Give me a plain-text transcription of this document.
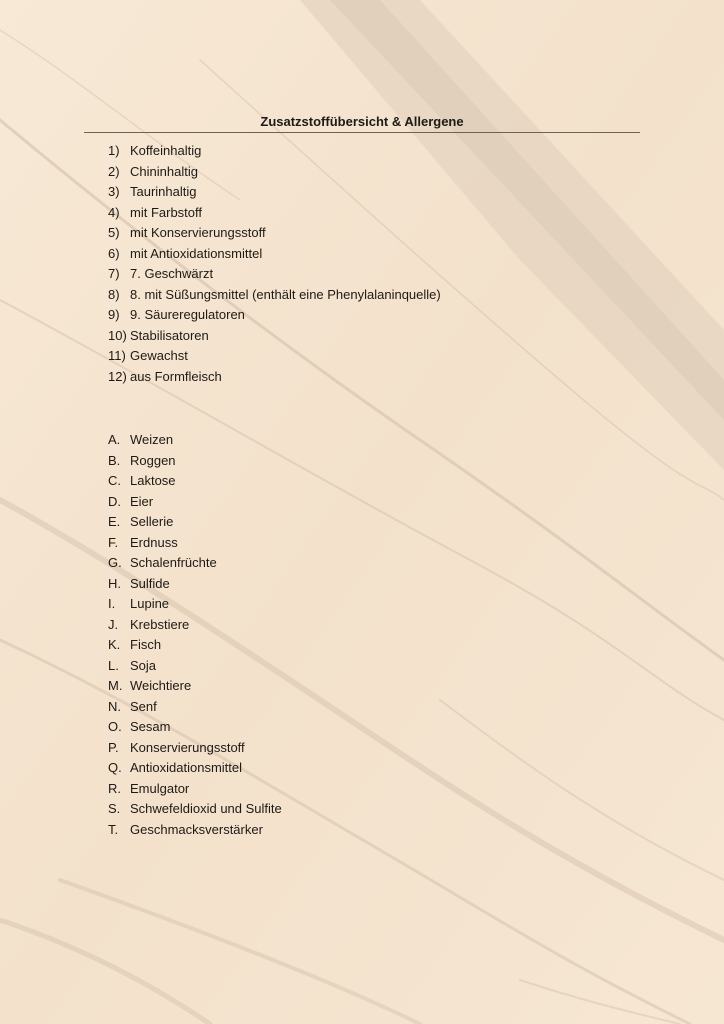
Zusatzstoffübersicht & Allergene
1) Koffeinhaltig
2) Chininhaltig
3) Taurinhaltig
4) mit Farbstoff
5) mit Konservierungsstoff
6) mit Antioxidationsmittel
7) 7. Geschwärzt
8) 8. mit Süßungsmittel (enthält eine Phenylalaninquelle)
9) 9. Säureregulatoren
10) Stabilisatoren
11) Gewachst
12) aus Formfleisch
A. Weizen
B. Roggen
C. Laktose
D. Eier
E. Sellerie
F. Erdnuss
G. Schalenfrüchte
H. Sulfide
I.	Lupine
J. Krebstiere
K. Fisch
L. Soja
M. Weichtiere
N. Senf
O. Sesam
P. Konservierungsstoff
Q. Antioxidationsmittel
R. Emulgator
S. Schwefeldioxid und Sulfite
T. Geschmacksverstärker
